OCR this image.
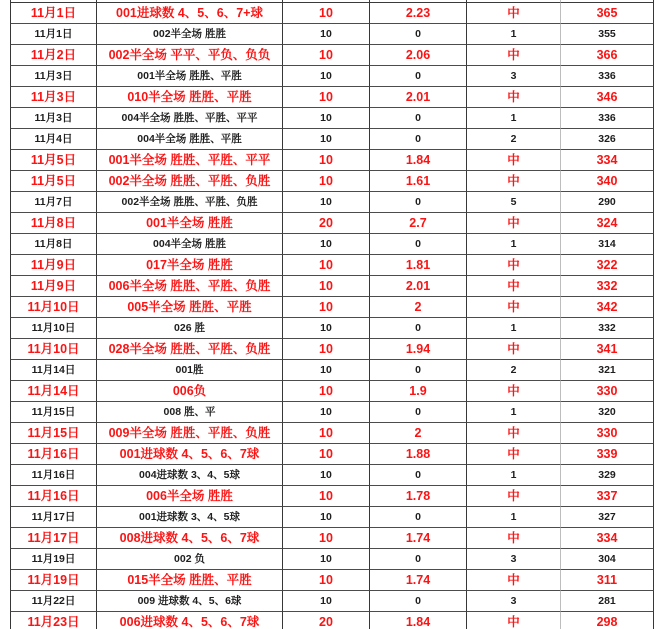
11月1日	001进球数 4、5、6、7+球	10	2.23	中	365
11月1日	002半全场 胜胜	10	0	1	355
11月2日	002半全场 平平、平负、负负	10	2.06	中	366
11月3日	001半全场 胜胜、平胜	10	0	3	336
11月3日	010半全场 胜胜、平胜	10	2.01	中	346
11月3日	004半全场 胜胜、平胜、平平	10	0	1	336
11月4日	004半全场 胜胜、平胜	10	0	2	326
11月5日	001半全场 胜胜、平胜、平平	10	1.84	中	334
11月5日	002半全场 胜胜、平胜、负胜	10	1.61	中	340
11月7日	002半全场 胜胜、平胜、负胜	10	0	5	290
11月8日	001半全场 胜胜	20	2.7	中	324
11月8日	004半全场 胜胜	10	0	1	314
11月9日	017半全场 胜胜	10	1.81	中	322
11月9日	006半全场 胜胜、平胜、负胜	10	2.01	中	332
11月10日	005半全场 胜胜、平胜	10	2	中	342
11月10日	026 胜	10	0	1	332
11月10日	028半全场 胜胜、平胜、负胜	10	1.94	中	341
11月14日	001胜	10	0	2	321
11月14日	006负	10	1.9	中	330
11月15日	008 胜、平	10	0	1	320
11月15日	009半全场 胜胜、平胜、负胜	10	2	中	330
11月16日	001进球数 4、5、6、7球	10	1.88	中	339
11月16日	004进球数 3、4、5球	10	0	1	329
11月16日	006半全场 胜胜	10	1.78	中	337
11月17日	001进球数 3、4、5球	10	0	1	327
11月17日	008进球数 4、5、6、7球	10	1.74	中	334
11月19日	002 负	10	0	3	304
11月19日	015半全场 胜胜、平胜	10	1.74	中	311
11月22日	009 进球数 4、5、6球	10	0	3	281
11月23日	006进球数 4、5、6、7球	20	1.84	中	298
